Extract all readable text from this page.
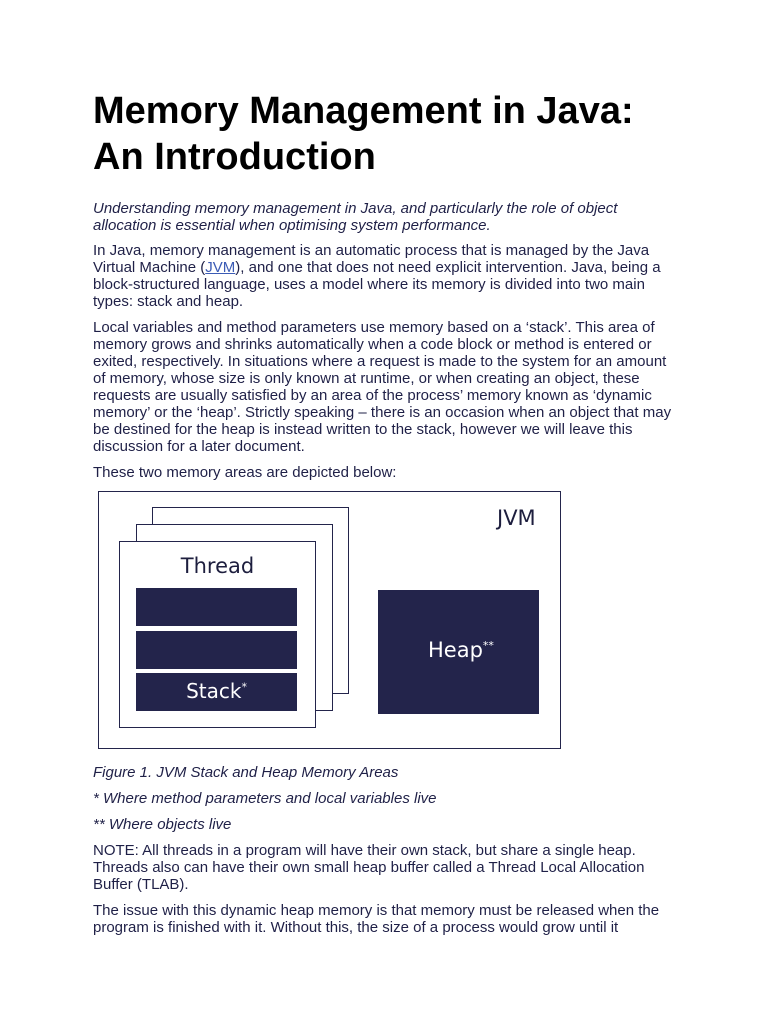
Memory Management in Java: An Introduction

Understanding memory management in Java, and particularly the role of object allocation is essential when optimising system performance.

In Java, memory management is an automatic process that is managed by the Java Virtual Machine (JVM), and one that does not need explicit intervention. Java, being a block-structured language, uses a model where its memory is divided into two main types: stack and heap.

Local variables and method parameters use memory based on a ‘stack’. This area of memory grows and shrinks automatically when a code block or method is entered or exited, respectively. In situations where a request is made to the system for an amount of memory, whose size is only known at runtime, or when creating an object, these requests are usually satisfied by an area of the process’ memory known as ‘dynamic memory’ or the ‘heap’. Strictly speaking – there is an occasion when an object that may be destined for the heap is instead written to the stack, however we will leave this discussion for a later document.

These two memory areas are depicted below:

JVM
Thread
Stack*
Heap**

Figure 1. JVM Stack and Heap Memory Areas

* Where method parameters and local variables live

** Where objects live

NOTE: All threads in a program will have their own stack, but share a single heap. Threads also can have their own small heap buffer called a Thread Local Allocation Buffer (TLAB).

The issue with this dynamic heap memory is that memory must be released when the program is finished with it. Without this, the size of a process would grow until it
